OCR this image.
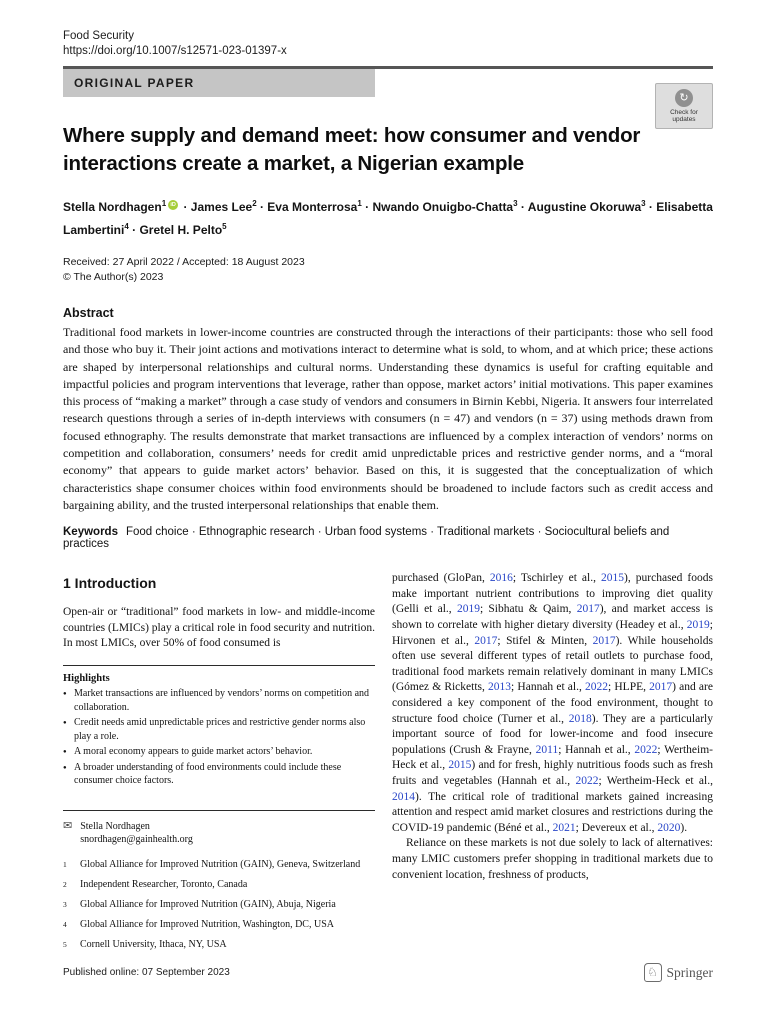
Food Security
https://doi.org/10.1007/s12571-023-01397-x
ORIGINAL PAPER
↻
Check for updates
Where supply and demand meet: how consumer and vendor interactions create a market, a Nigerian example
Stella Nordhagen$^1$ iD · James Lee$^2$ · Eva Monterrosa$^1$ · Nwando Onuigbo-Chatta$^3$ · Augustine Okoruwa$^3$ · Elisabetta Lambertini$^4$ · Gretel H. Pelto$^5$
Received: 27 April 2022 / Accepted: 18 August 2023
© The Author(s) 2023
Abstract
Traditional food markets in lower-income countries are constructed through the interactions of their participants: those who sell food and those who buy it. Their joint actions and motivations interact to determine what is sold, to whom, and at which price; these actions are shaped by interpersonal relationships and cultural norms. Understanding these dynamics is useful for crafting equitable and impactful policies and program interventions that leverage, rather than oppose, market actors’ initial motivations. This paper examines this process of “making a market” through a case study of vendors and consumers in Birnin Kebbi, Nigeria. It answers four interrelated research questions through a series of in-depth interviews with consumers (n = 47) and vendors (n = 37) using methods drawn from focused ethnography. The results demonstrate that market transactions are influenced by a complex interaction of vendors’ norms on competition and collaboration, consumers’ needs for credit amid unpredictable prices and restrictive gender norms, and a “moral economy” that appears to guide market actors’ behavior. Based on this, it is suggested that the conceptualization of which characteristics shape consumer choices within food environments should be broadened to include factors such as credit access and bargaining ability, and the trusted interpersonal relationships that enable them.
Keywords Food choice · Ethnographic research · Urban food systems · Traditional markets · Sociocultural beliefs and practices
1 Introduction
Open-air or “traditional” food markets in low- and middle-income countries (LMICs) play a critical role in food security and nutrition. In most LMICs, over 50% of food consumed is
Highlights
● Market transactions are influenced by vendors’ norms on competition and collaboration.
● Credit needs amid unpredictable prices and restrictive gender norms also play a role.
● A moral economy appears to guide market actors’ behavior.
● A broader understanding of food environments could include these consumer choice factors.
✉ Stella Nordhagen
snordhagen@gainhealth.org
1	Global Alliance for Improved Nutrition (GAIN), Geneva, Switzerland
2	Independent Researcher, Toronto, Canada
3	Global Alliance for Improved Nutrition (GAIN), Abuja, Nigeria
4	Global Alliance for Improved Nutrition, Washington, DC, USA
5	Cornell University, Ithaca, NY, USA
purchased (GloPan, 2016; Tschirley et al., 2015), purchased foods make important nutrient contributions to improving diet quality (Gelli et al., 2019; Sibhatu & Qaim, 2017), and market access is shown to correlate with higher dietary diversity (Headey et al., 2019; Hirvonen et al., 2017; Stifel & Minten, 2017). While households often use several different types of retail outlets to purchase food, traditional food markets remain relatively dominant in many LMICs (Gómez & Ricketts, 2013; Hannah et al., 2022; HLPE, 2017) and are considered a key component of the food environment, thought to structure food choice (Turner et al., 2018). They are a particularly important source of food for lower-income and food insecure populations (Crush & Frayne, 2011; Hannah et al., 2022; Wertheim-Heck et al., 2015) and for fresh, highly nutritious foods such as fresh fruits and vegetables (Hannah et al., 2022; Wertheim-Heck et al., 2014). The critical role of traditional markets gained increasing attention and respect amid market closures and restrictions during the COVID-19 pandemic (Béné et al., 2021; Devereux et al., 2020).
Reliance on these markets is not due solely to lack of alternatives: many LMIC customers prefer shopping in traditional markets due to convenient location, freshness of products,
Published online: 07 September 2023	♘ Springer
